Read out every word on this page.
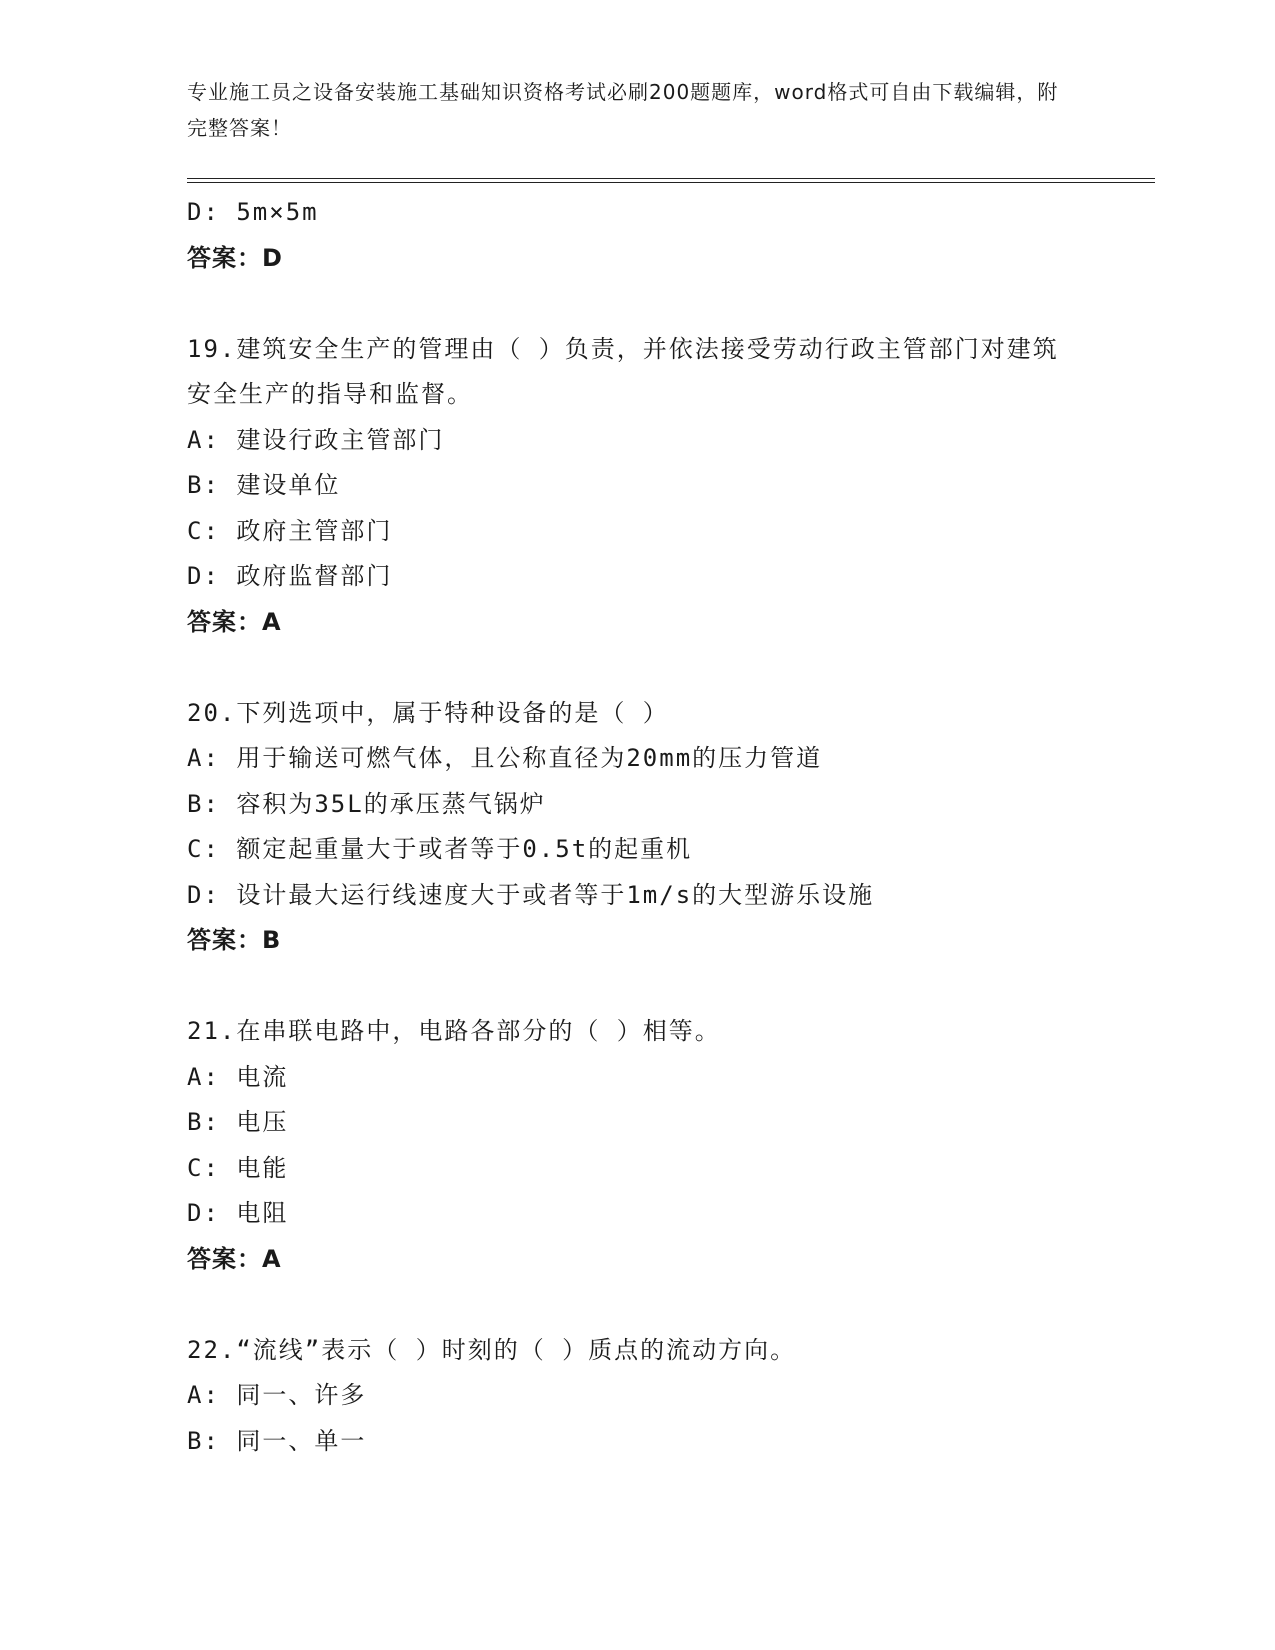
专业施工员之设备安装施工基础知识资格考试必刷200题题库，word格式可自由下载编辑，附完整答案！
D: 5m×5m
答案：D
19.建筑安全生产的管理由（ ）负责，并依法接受劳动行政主管部门对建筑安全生产的指导和监督。
A: 建设行政主管部门
B: 建设单位
C: 政府主管部门
D: 政府监督部门
答案：A
20.下列选项中，属于特种设备的是（ ）
A: 用于输送可燃气体，且公称直径为20mm的压力管道
B: 容积为35L的承压蒸气锅炉
C: 额定起重量大于或者等于0.5t的起重机
D: 设计最大运行线速度大于或者等于1m/s的大型游乐设施
答案：B
21.在串联电路中，电路各部分的（ ）相等。
A: 电流
B: 电压
C: 电能
D: 电阻
答案：A
22.“流线”表示（ ）时刻的（ ）质点的流动方向。
A: 同一、许多
B: 同一、单一
